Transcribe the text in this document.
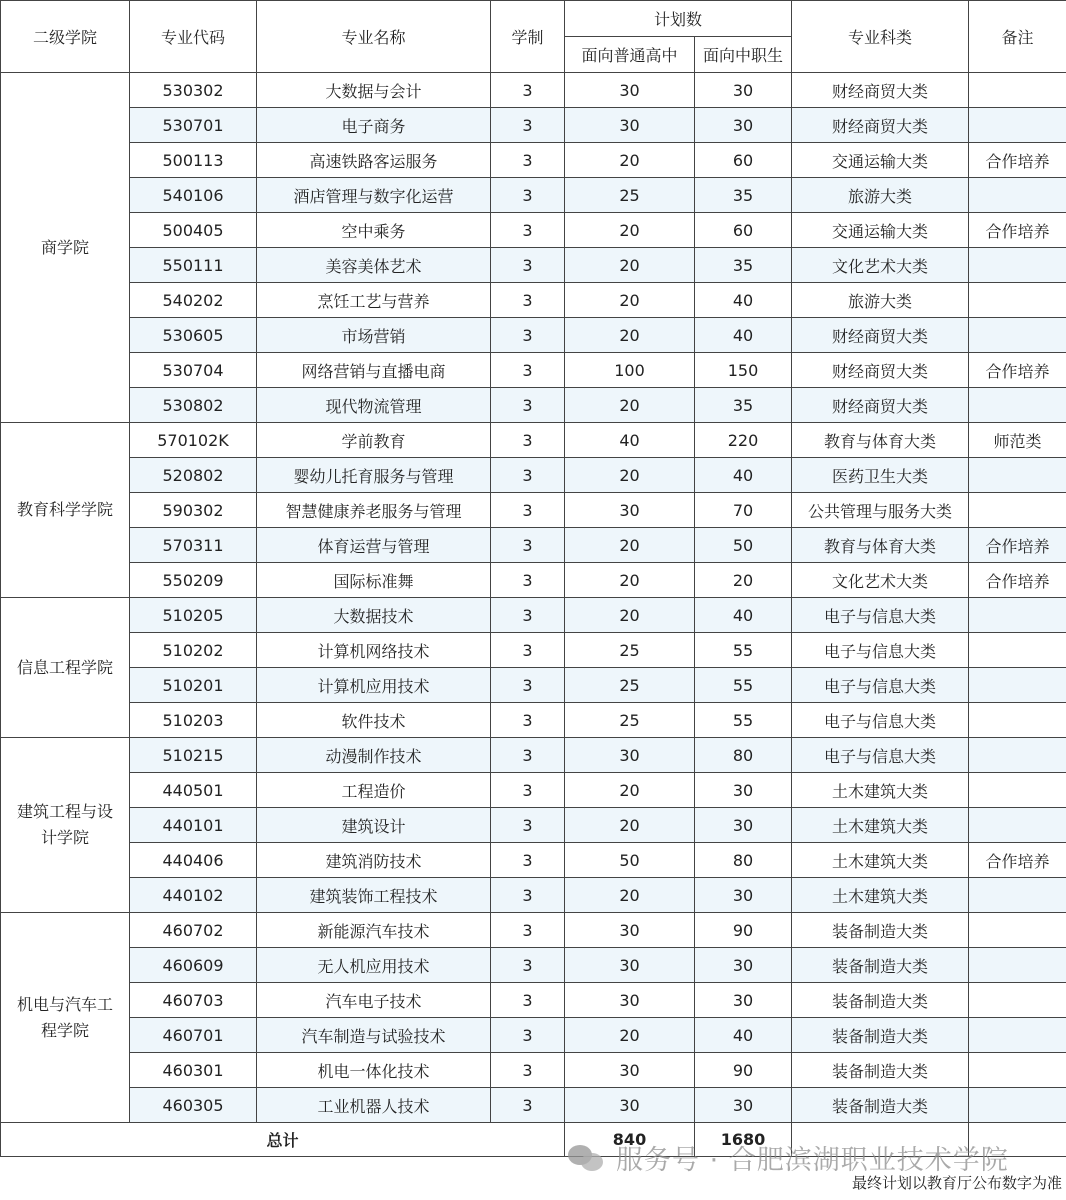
二级学院	专业代码	专业名称	学制	计划数		专业科类	备注
				面向普通高中	面向中职生		
商学院	530302	大数据与会计	3	30	30	财经商贸大类	
	530701	电子商务	3	30	30	财经商贸大类	
	500113	高速铁路客运服务	3	20	60	交通运输大类	合作培养
	540106	酒店管理与数字化运营	3	25	35	旅游大类	
	500405	空中乘务	3	20	60	交通运输大类	合作培养
	550111	美容美体艺术	3	20	35	文化艺术大类	
	540202	烹饪工艺与营养	3	20	40	旅游大类	
	530605	市场营销	3	20	40	财经商贸大类	
	530704	网络营销与直播电商	3	100	150	财经商贸大类	合作培养
	530802	现代物流管理	3	20	35	财经商贸大类	
教育科学学院	570102K	学前教育	3	40	220	教育与体育大类	师范类
	520802	婴幼儿托育服务与管理	3	20	40	医药卫生大类	
	590302	智慧健康养老服务与管理	3	30	70	公共管理与服务大类	
	570311	体育运营与管理	3	20	50	教育与体育大类	合作培养
	550209	国际标准舞	3	20	20	文化艺术大类	合作培养
信息工程学院	510205	大数据技术	3	20	40	电子与信息大类	
	510202	计算机网络技术	3	25	55	电子与信息大类	
	510201	计算机应用技术	3	25	55	电子与信息大类	
	510203	软件技术	3	25	55	电子与信息大类	
建筑工程与设计学院	510215	动漫制作技术	3	30	80	电子与信息大类	
	440501	工程造价	3	20	30	土木建筑大类	
	440101	建筑设计	3	20	30	土木建筑大类	
	440406	建筑消防技术	3	50	80	土木建筑大类	合作培养
	440102	建筑装饰工程技术	3	20	30	土木建筑大类	
机电与汽车工程学院	460702	新能源汽车技术	3	30	90	装备制造大类	
	460609	无人机应用技术	3	30	30	装备制造大类	
	460703	汽车电子技术	3	30	30	装备制造大类	
	460701	汽车制造与试验技术	3	20	40	装备制造大类	
	460301	机电一体化技术	3	30	90	装备制造大类	
	460305	工业机器人技术	3	30	30	装备制造大类	
总计				840	1680		
服务号 · 合肥滨湖职业技术学院
最终计划以教育厅公布数字为准
